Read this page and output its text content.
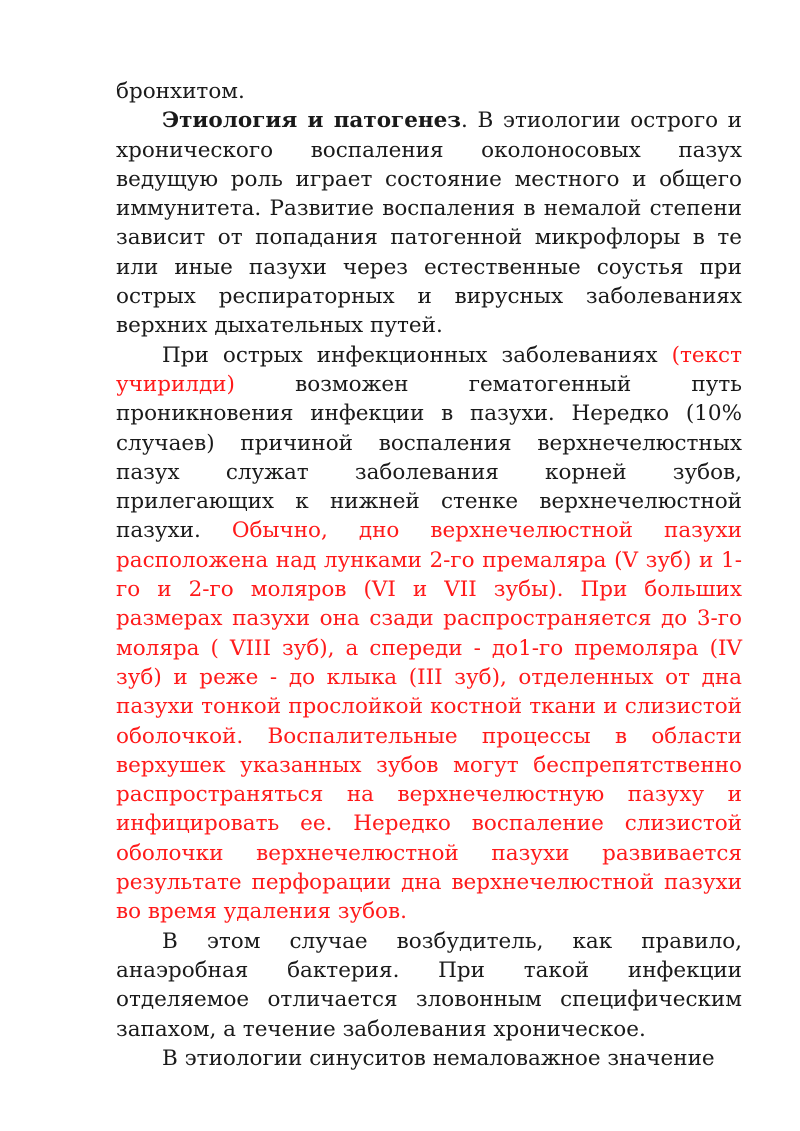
бронхитом.

Этиология и патогенез. В этиологии острого и хронического воспаления околоносовых пазух ведущую роль играет состояние местного и общего иммунитета. Развитие воспаления в немалой степени зависит от попадания патогенной микрофлоры в те или иные пазухи через естественные соустья при острых респираторных и вирусных заболеваниях верхних дыхательных путей.

При острых инфекционных заболеваниях (текст учирилди) возможен гематогенный путь проникновения инфекции в пазухи. Нередко (10% случаев) причиной воспаления верхнечелюстных пазух служат заболевания корней зубов, прилегающих к нижней стенке верхнечелюстной пазухи. Обычно, дно верхнечелюстной пазухи расположена над лунками 2-го премаляра (V зуб) и 1-го и 2-го моляров (VI и VII зубы). При больших размерах пазухи она сзади распространяется до 3-го моляра ( VIII зуб), а спереди - до1-го премоляра (IV зуб) и реже - до клыка (III зуб), отделенных от дна пазухи тонкой прослойкой костной ткани и слизистой оболочкой. Воспалительные процессы в области верхушек указанных зубов могут беспрепятственно распространяться на верхнечелюстную пазуху и инфицировать ее. Нередко воспаление слизистой оболочки верхнечелюстной пазухи развивается результате перфорации дна верхнечелюстной пазухи во время удаления зубов.

В этом случае возбудитель, как правило, анаэробная бактерия. При такой инфекции отделяемое отличается зловонным специфическим запахом, а течение заболевания хроническое.

В этиологии синуситов немаловажное значение
